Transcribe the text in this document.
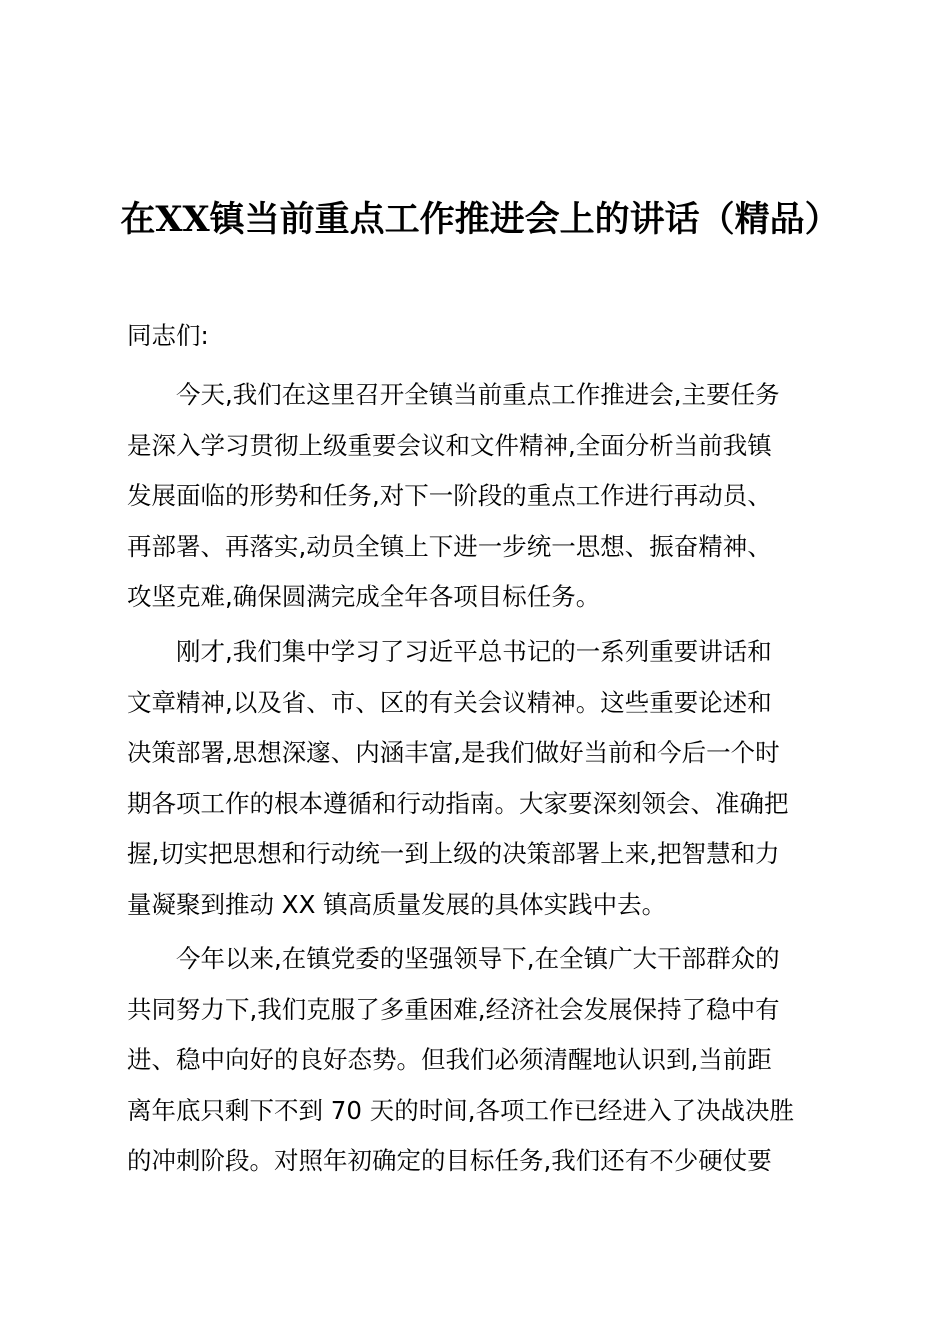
在XX镇当前重点工作推进会上的讲话（精品）
同志们:
今天,我们在这里召开全镇当前重点工作推进会,主要任务
是深入学习贯彻上级重要会议和文件精神,全面分析当前我镇
发展面临的形势和任务,对下一阶段的重点工作进行再动员、
再部署、再落实,动员全镇上下进一步统一思想、振奋精神、
攻坚克难,确保圆满完成全年各项目标任务。
刚才,我们集中学习了习近平总书记的一系列重要讲话和
文章精神,以及省、市、区的有关会议精神。这些重要论述和
决策部署,思想深邃、内涵丰富,是我们做好当前和今后一个时
期各项工作的根本遵循和行动指南。大家要深刻领会、准确把
握,切实把思想和行动统一到上级的决策部署上来,把智慧和力
量凝聚到推动 XX 镇高质量发展的具体实践中去。
今年以来,在镇党委的坚强领导下,在全镇广大干部群众的
共同努力下,我们克服了多重困难,经济社会发展保持了稳中有
进、稳中向好的良好态势。但我们必须清醒地认识到,当前距
离年底只剩下不到 70 天的时间,各项工作已经进入了决战决胜
的冲刺阶段。对照年初确定的目标任务,我们还有不少硬仗要
